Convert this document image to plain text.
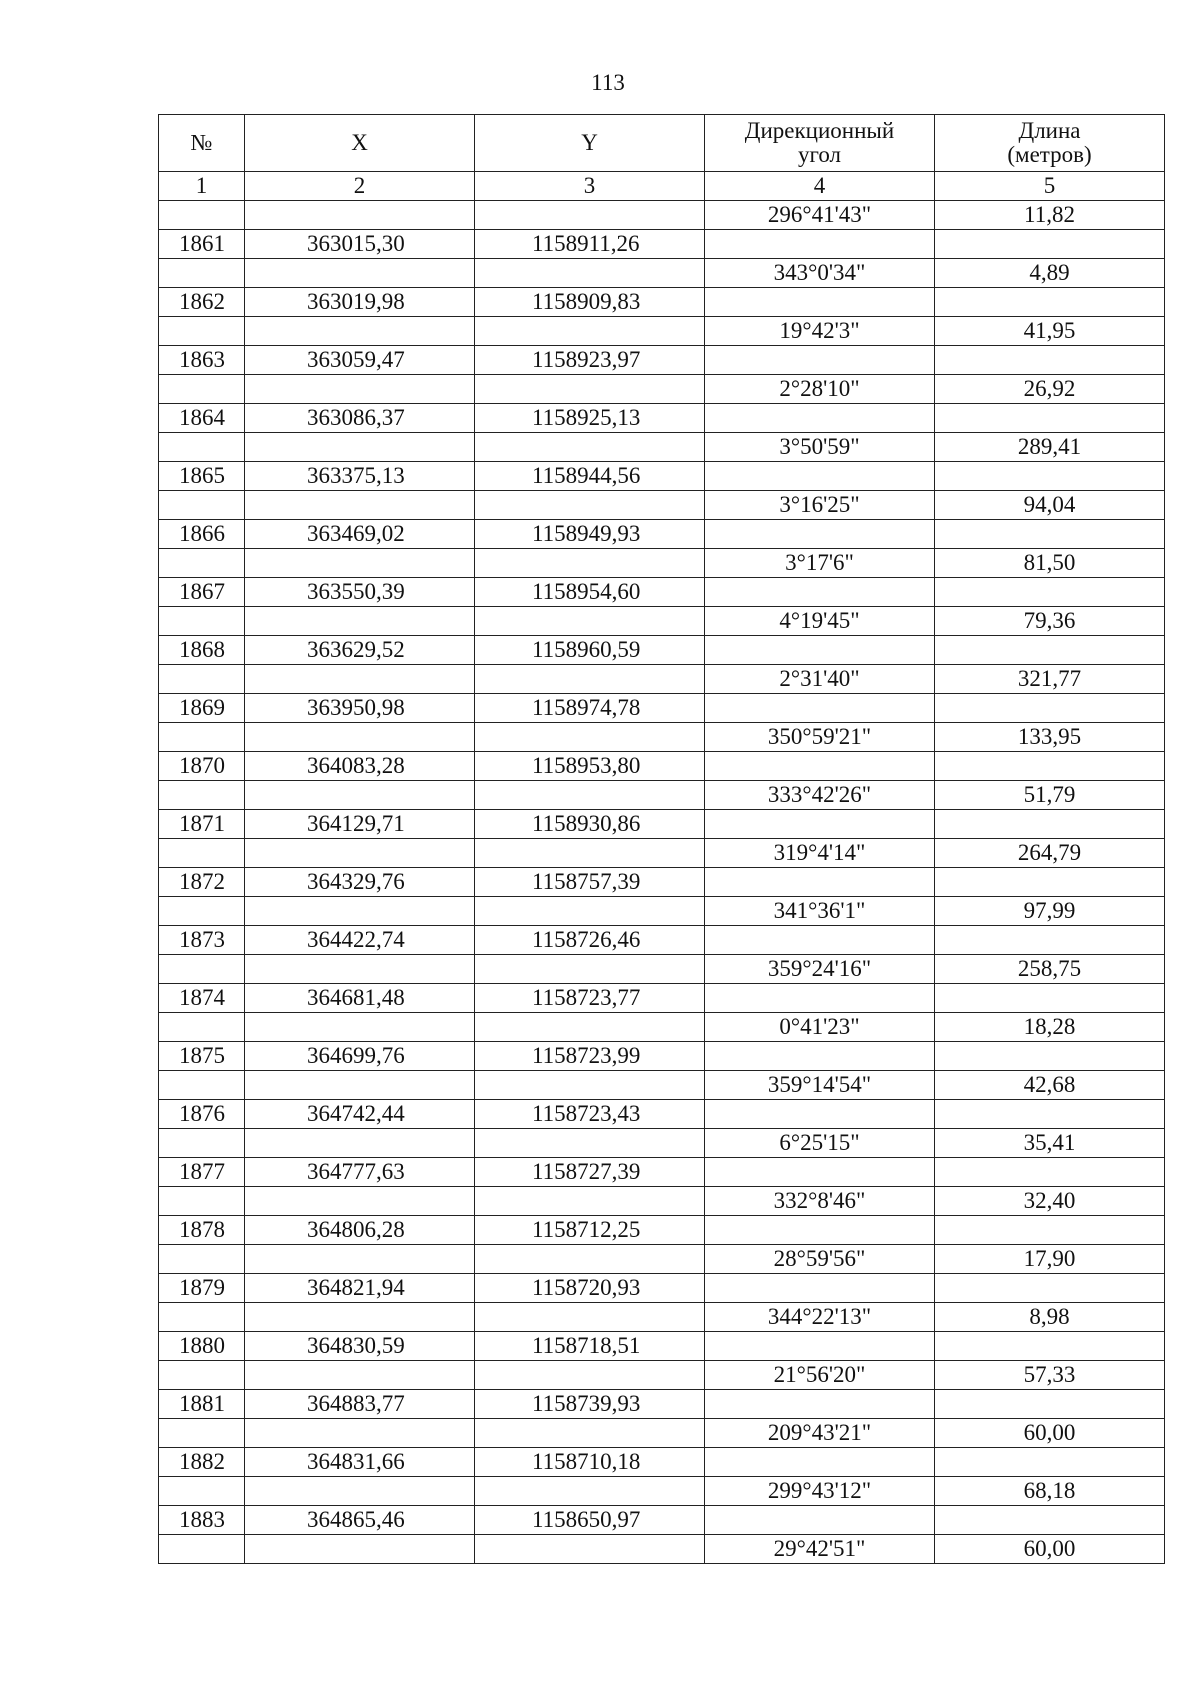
113
№	X	Y	Дирекционный угол	Длина (метров)
1	2	3	4	5
			296°41'43"	11,82
1861	363015,30	1158911,26		
			343°0'34"	4,89
1862	363019,98	1158909,83		
			19°42'3"	41,95
1863	363059,47	1158923,97		
			2°28'10"	26,92
1864	363086,37	1158925,13		
			3°50'59"	289,41
1865	363375,13	1158944,56		
			3°16'25"	94,04
1866	363469,02	1158949,93		
			3°17'6"	81,50
1867	363550,39	1158954,60		
			4°19'45"	79,36
1868	363629,52	1158960,59		
			2°31'40"	321,77
1869	363950,98	1158974,78		
			350°59'21"	133,95
1870	364083,28	1158953,80		
			333°42'26"	51,79
1871	364129,71	1158930,86		
			319°4'14"	264,79
1872	364329,76	1158757,39		
			341°36'1"	97,99
1873	364422,74	1158726,46		
			359°24'16"	258,75
1874	364681,48	1158723,77		
			0°41'23"	18,28
1875	364699,76	1158723,99		
			359°14'54"	42,68
1876	364742,44	1158723,43		
			6°25'15"	35,41
1877	364777,63	1158727,39		
			332°8'46"	32,40
1878	364806,28	1158712,25		
			28°59'56"	17,90
1879	364821,94	1158720,93		
			344°22'13"	8,98
1880	364830,59	1158718,51		
			21°56'20"	57,33
1881	364883,77	1158739,93		
			209°43'21"	60,00
1882	364831,66	1158710,18		
			299°43'12"	68,18
1883	364865,46	1158650,97		
			29°42'51"	60,00
